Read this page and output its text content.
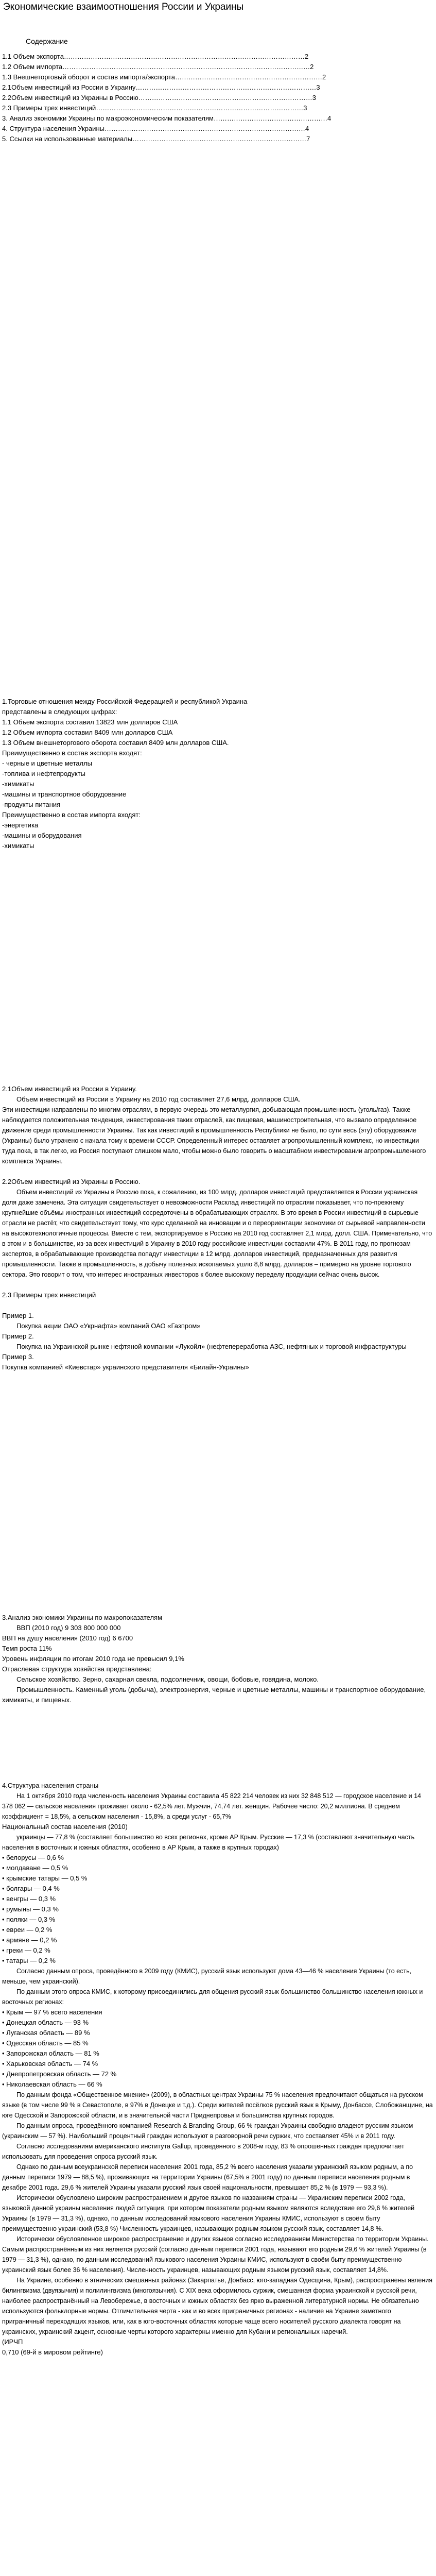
Экономические взаимоотношения России и Украины
Содержание
1.1 Объем экспорта………………………………………………………………………………………………2
1.2 Объем импорта…………………………………………………………………………………………………2
1.3 Внешнеторговый оборот и состав импорта/экспорта…………………………………………………………2
2.1Объем инвестиций из России в Украину………………………………………………………………………3
2.2Объем инвестиций из Украины в Россию……………………………………………………………………3
2.3 Примеры трех инвестиций…………………………………………………………………………………3
3. Анализ экономики Украины по макроэкономическим показателям……………………………………………4
4. Структура населения Украины………………………………………………………………………………4
5. Ссылки на использованные материалы……………………………………………………………………7

1.Торговые отношения между Российской Федерацией и республикой Украина

представлены в следующих цифрах:

1.1 Объем экспорта составил 13823 млн долларов США

1.2 Объем импорта составил 8409 млн долларов США

1.3 Объем внешнеторгового оборота составил 8409 млн долларов США.

Преимущественно в состав экспорта входят:

- черные и цветные металлы

-топлива и нефтепродукты

-химикаты

-машины и транспортное оборудование

-продукты питания

Преимущественно в состав импорта входят:

-энергетика

-машины и оборудования

-химикаты

2.1Объем инвестиций из России в Украину.

Объем инвестиций из России в Украину на 2010 год составляет 27,6 млрд. долларов США.

Эти инвестиции направлены по многим отраслям, в первую очередь это металлургия, добывающая промышленность (уголь/газ). Также наблюдается положительная тенденция, инвестирования таких отраслей, как пищевая, машиностроительная, что вызвало определенное движение среди промышленности Украины. Так как инвестиций в промышленность Республики не было, по сути весь (эту) оборудование (Украины) было утрачено с начала тому к времени СССР. Определенный интерес оставляет агропромышленный комплекс, но инвестиции туда пока, в так легко, из Россия поступают слишком мало, чтобы можно было говорить о масштабном инвестировании агропромышленного комплекса Украины.

2.2Объем инвестиций из Украины в Россию.

Объем инвестиций из Украины в Россию пока, к сожалению, из 100 млрд. долларов инвестиций представляется в России украинская доля даже замечена. Эта ситуация свидетельствует о невозможности Расклад инвестиций по отраслям показывает, что по-прежнему крупнейшие объёмы иностранных инвестиций сосредоточены в обрабатывающих отраслях. В это время в России инвестиций в сырьевые отрасли не растёт, что свидетельствует тому, что курс сделанной на инновации и о переориентации экономики от сырьевой направленности на высокотехнологичные процессы. Вместе с тем, экспортируемое в Россию на 2010 год составляет 2,1 млрд. долл. США. Примечательно, что в этом и в большинстве, из-за всех инвестиций в Украину в 2010 году российские инвестиции составили 47%. В 2011 году, по прогнозам экспертов, в обрабатывающие производства попадут инвестиции в 12 млрд. долларов инвестиций, предназначенных для развития промышленности. Также в промышленность, в добычу полезных ископаемых ушло 8,8 млрд. долларов – примерно на уровне торгового сектора. Это говорит о том, что интерес иностранных инвесторов к более высокому переделу продукции сейчас очень высок.

2.3 Примеры трех инвестиций

Пример 1.

Покупка акции ОАО «Укрнафта» компаний ОАО «Газпром»

Пример 2.

Покупка на Украинской рынке нефтяной компании «Лукойл» (нефтепереработка АЗС, нефтяных и торговой инфраструктуры

Пример 3.

Покупка компанией «Киевстар» украинского представителя «Билайн-Украины»

3.Анализ экономики Украины по макропоказателям

ВВП (2010 год) 9 303 800 000 000

ВВП на душу населения (2010 год) 6 6700

Темп роста 11%

Уровень инфляции по итогам 2010 года не превысил 9,1%

Отраслевая структура хозяйства представлена:

Сельское хозяйство. Зерно, сахарная свекла, подсолнечник, овощи, бобовые, говядина, молоко.

Промышленность. Каменный уголь (добыча), электроэнергия, черные и цветные металлы, машины и транспортное оборудование, химикаты, и пищевых.

4.Структура населения страны

На 1 октября 2010 года численность населения Украины составила 45 822 214 человек из них 32 848 512 — городское население и 14 378 062 — сельское населения проживает около - 62,5% лет. Мужчин, 74,74 лет. женщин. Рабочее число: 20,2 миллиона. В среднем коэффициент = 18,5%, а сельском населения - 15,8%, а среди услуг - 65,7%

Национальный состав населения (2010)

украинцы — 77,8 % (составляет большинство во всех регионах, кроме АР Крым. Русские — 17,3 % (составляют значительную часть населения в восточных и южных областях, особенно в АР Крым, а также в крупных городах)

• белорусы — 0,6 %

• молдаване — 0,5 %

• крымские татары — 0,5 %

• болгары — 0,4 %

• венгры — 0,3 %

• румыны — 0,3 %

• поляки — 0,3 %

• евреи — 0,2 %

• армяне — 0,2 %

• греки — 0,2 %

• татары — 0,2 %

Согласно данным опроса, проведённого в 2009 году (КМИС), русский язык используют дома 43—46 % населения Украины (то есть, меньше, чем украинский).

По данным этого опроса КМИС, к которому присоединились для общения русский язык большинство большинство населения южных и восточных регионах:

• Крым — 97 % всего населения

• Донецкая область — 93 %

• Луганская область — 89 %

• Одесская область — 85 %

• Запорожская область — 81 %

• Харьковская область — 74 %

• Днепропетровская область — 72 %

• Николаевская область — 66 %

По данным фонда «Общественное мнение» (2009), в областных центрах Украины 75 % населения предпочитают общаться на русском языке (в том числе 99 % в Севастополе, в 97% в Донецке и т.д.). Среди жителей посёлков русский язык в Крыму, Донбассе, Слобожанщине, на юге Одесской и Запорожской области, и в значительной части Приднепровья и большинства крупных городов.

По данным опроса, проведённого компанией Research & Branding Group, 66 % граждан Украины свободно владеют русским языком (украинским — 57 %). Наибольший процентный граждан используют в разговорной речи суржик, что составляет 45% и в 2011 году.

Согласно исследованиям американского института Gallup, проведённого в 2008-м году, 83 % опрошенных граждан предпочитает использовать для проведения опроса русский язык.

Однако по данным всеукраинской переписи населения 2001 года, 85,2 % всего населения указали украинский языком родным, а по данным переписи 1979 — 88,5 %), проживающих на территории Украины (67,5% в 2001 году) по данным переписи населения родным в декабре 2001 года. 29,6 % жителей Украины указали русский язык своей национальности, превышает 85,2 % (в 1979 — 93,3 %).

Исторически обусловлено широким распространением и другое языков по названиям страны — Украинским переписи 2002 года, языковой данной украины населения людей ситуация, при котором показатели родным языком являются вследствие его 29,6 % жителей Украины (в 1979 — 31,3 %), однако, по данным исследований языкового населения Украины КМИС, используют в своём быту преимущественно украинский (53,8 %) Численность украинцев, называющих родным языком русский язык, составляет 14,8 %.

Исторически обусловленное широкое распространение и других языков согласно исследованиям Министерства по территории Украины. Самым распространённым из них является русский (согласно данным переписи 2001 года, называют его родным 29,6 % жителей Украины (в 1979 — 31,3 %), однако, по данным исследований языкового населения Украины КМИС, используют в своём быту преимущественно украинский язык более 36 % населения). Численность украинцев, называющих родным языком русский язык, составляет 14,8%.

На Украине, особенно в этнических смешанных районах (Закарпатье, Донбасс, юго-западная Одесщина, Крым), распространены явления билингвизма (двуязычия) и полилингвизма (многоязычия). С XIX века оформилось суржик, смешанная форма украинской и русской речи, наиболее распространённый на Левобережье, в восточных и южных областях без ярко выраженной литературной нормы. Не обязательно используются фольклорные нормы. Отличительная черта - как и во всех приграничных регионах - наличие на Украине заметного приграничный переходящих языков, или, как в юго-восточных областях которые чаще всего носителей русского диалекта говорят на украинских, украинский акцент, основные черты которого характерны именно для Кубани и региональных наречий.

(ИРЧП

0,710 (69-й в мировом рейтинге)
